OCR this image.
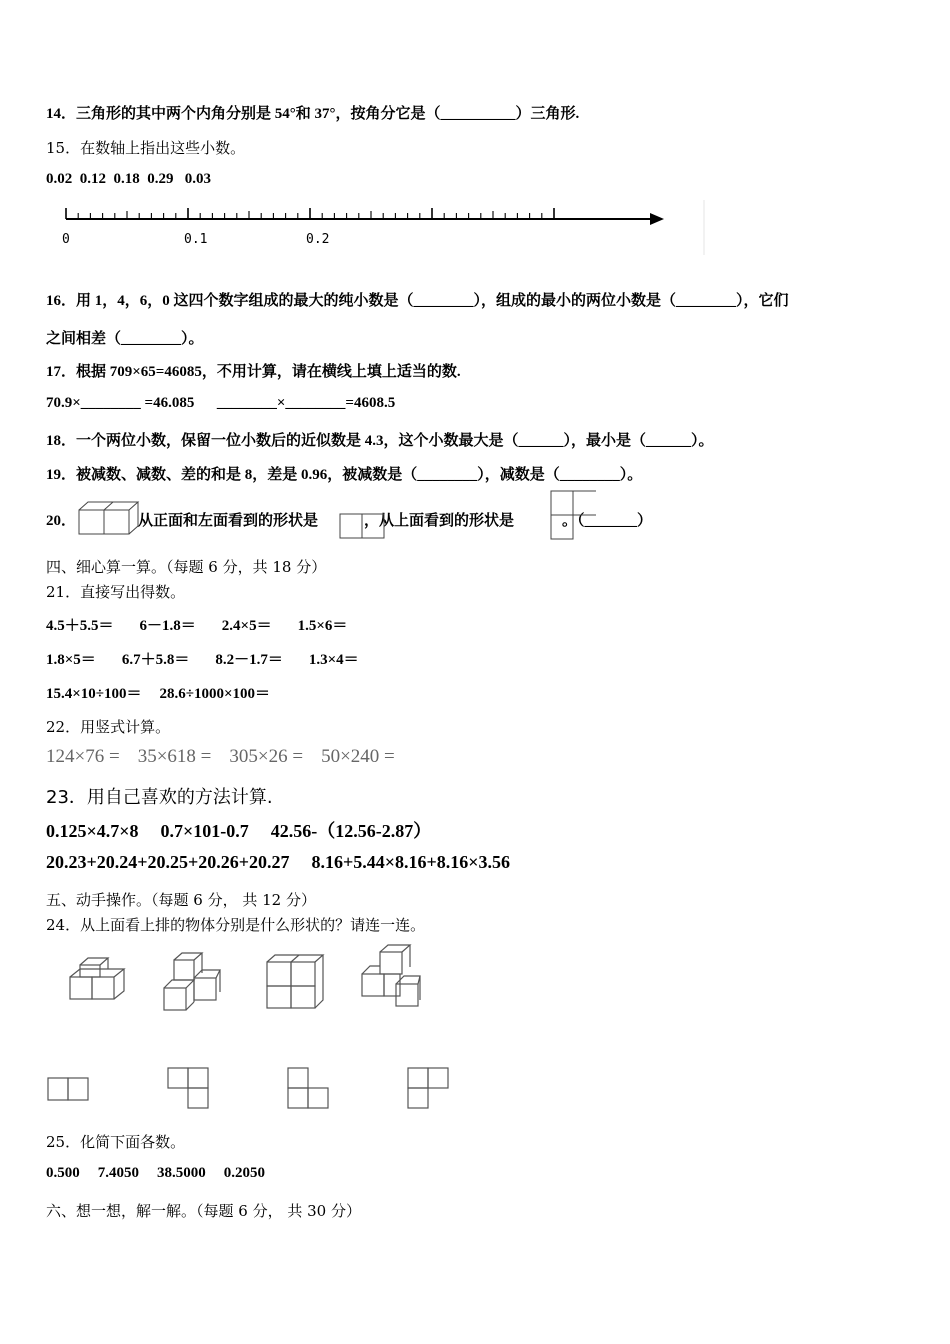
14．三角形的其中两个内角分别是 54°和 37°，按角分它是（__________）三角形.
15．在数轴上指出这些小数。
0.02 0.12 0.18 0.29 0.03
0	0.1	0.2
16．用 1，4，6，0 这四个数字组成的最大的纯小数是（________），组成的最小的两位小数是（________），它们
之间相差（________）。
17．根据 709×65=46085，不用计算，请在横线上填上适当的数.
70.9×________ =46.085      ________×________=4608.5
18．一个两位小数，保留一位小数后的近似数是 4.3，这个小数最大是（______），最小是（______）。
19．被减数、减数、差的和是 8，差是 0.96，被减数是（________），减数是（________）。
20．	从正面和左面看到的形状是	，从上面看到的形状是	。（_______）
四、细心算一算。（每题 6 分，共 18 分）
21．直接写出得数。
4.5＋5.5＝ 6－1.8＝ 2.4×5＝ 1.5×6＝
1.8×5＝ 6.7＋5.8＝ 8.2－1.7＝ 1.3×4＝
15.4×10÷100＝ 28.6÷1000×100＝
22．用竖式计算。
124×76 = 35×618 = 305×26 = 50×240 =
23．用自己喜欢的方法计算.
0.125×4.7×8 0.7×101-0.7 42.56-（12.56-2.87）
20.23+20.24+20.25+20.26+20.27 8.16+5.44×8.16+8.16×3.56
五、动手操作。（每题 6 分， 共 12 分）
24．从上面看上排的物体分别是什么形状的？请连一连。
25．化简下面各数。
0.500 7.4050 38.5000 0.2050
六、想一想，解一解。（每题 6 分， 共 30 分）
